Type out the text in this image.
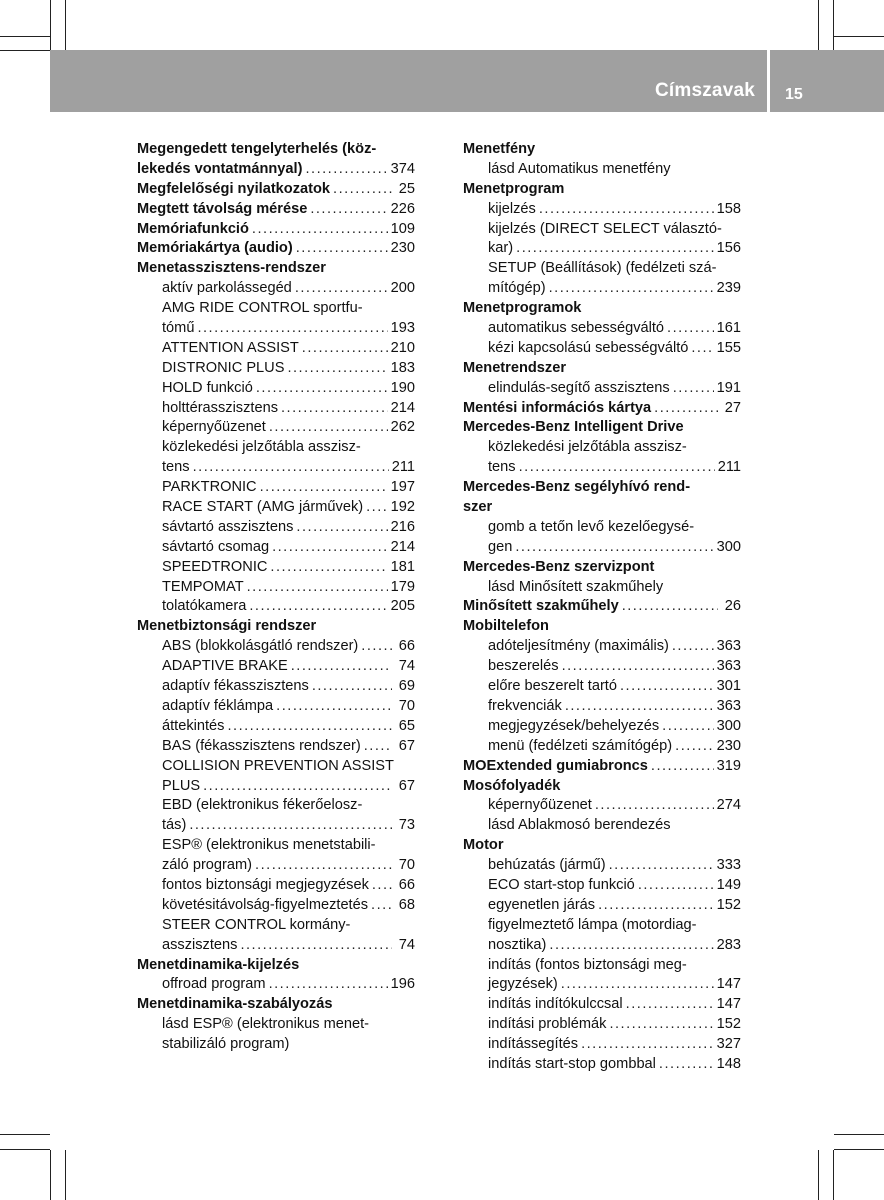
Címszavak 15
Megengedett tengelyterhelés (köz-
lekedés vontatmánnyal) .....	374
Megfelelőségi nyilatkozatok .....	25
Megtett távolság mérése .....	226
Memóriafunkció .....	109
Memóriakártya (audio) .....	230
Menetasszisztens-rendszer
aktív parkolássegéd .....	200
AMG RIDE CONTROL sportfu-
tómű .....	193
ATTENTION ASSIST .....	210
DISTRONIC PLUS .....	183
HOLD funkció .....	190
holttérasszisztens .....	214
képernyőüzenet .....	262
közlekedési jelzőtábla asszisz-
tens .....	211
PARKTRONIC .....	197
RACE START (AMG járművek) ..... 192
sávtartó asszisztens .....	216
sávtartó csomag .....	214
SPEEDTRONIC .....	181
TEMPOMAT .....	179
tolatókamera .....	205
Menetbiztonsági rendszer
ABS (blokkolásgátló rendszer) .....	66
ADAPTIVE BRAKE .....	74
adaptív fékasszisztens .....	69
adaptív féklámpa .....	70
áttekintés .....	65
BAS (fékasszisztens rendszer) .....	67
COLLISION PREVENTION ASSIST
PLUS .....	67
EBD (elektronikus fékerőelosz-
tás) .....	73
ESP® (elektronikus menetstabili-
záló program) .....	70
fontos biztonsági megjegyzések ..... 66
követésitávolság-figyelmeztetés ..... 68
STEER CONTROL kormány-
asszisztens .....	74
Menetdinamika-kijelzés
offroad program .....	196
Menetdinamika-szabályozás
lásd ESP® (elektronikus menet-
stabilizáló program)
Menetfény
lásd Automatikus menetfény
Menetprogram
kijelzés .....	158
kijelzés (DIRECT SELECT választó-
kar) .....	156
SETUP (Beállítások) (fedélzeti szá-
mítógép) .....	239
Menetprogramok
automatikus sebességváltó .....	161
kézi kapcsolású sebességváltó ..... 155
Menetrendszer
elindulás-segítő asszisztens .....	191
Mentési információs kártya .....	27
Mercedes-Benz Intelligent Drive
közlekedési jelzőtábla asszisz-
tens .....	211
Mercedes-Benz segélyhívó rend-
szer
gomb a tetőn levő kezelőegysé-
gen .....	300
Mercedes-Benz szervizpont
lásd Minősített szakműhely
Minősített szakműhely .....	26
Mobiltelefon
adóteljesítmény (maximális) .....	363
beszerelés .....	363
előre beszerelt tartó .....	301
frekvenciák .....	363
megjegyzések/behelyezés .....	300
menü (fedélzeti számítógép) .....	230
MOExtended gumiabroncs .....	319
Mosófolyadék
képernyőüzenet .....	274
lásd Ablakmosó berendezés
Motor
behúzatás (jármű) .....	333
ECO start-stop funkció .....	149
egyenetlen járás .....	152
figyelmeztető lámpa (motordiag-
nosztika) .....	283
indítás (fontos biztonsági meg-
jegyzések) .....	147
indítás indítókulccsal .....	147
indítási problémák .....	152
indítássegítés .....	327
indítás start-stop gombbal .....	148
